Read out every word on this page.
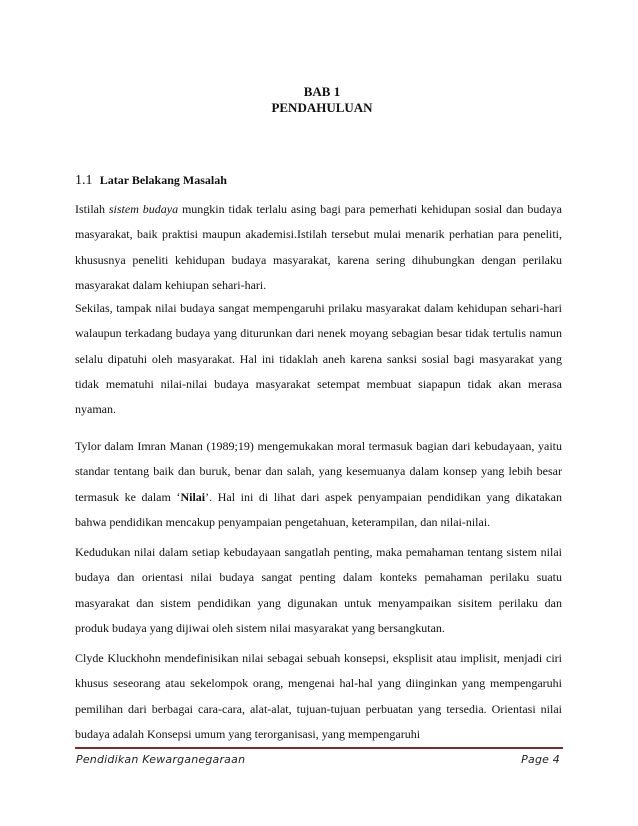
BAB 1
PENDAHULUAN
1.1 Latar Belakang Masalah

Istilah sistem budaya mungkin tidak terlalu asing bagi para pemerhati kehidupan sosial dan budaya masyarakat, baik praktisi maupun akademisi.Istilah tersebut mulai menarik perhatian para peneliti, khususnya peneliti kehidupan budaya masyarakat, karena sering dihubungkan dengan perilaku masyarakat dalam kehiupan sehari-hari.

Sekilas, tampak nilai budaya sangat mempengaruhi prilaku masyarakat dalam kehidupan sehari-hari walaupun terkadang budaya yang diturunkan dari nenek moyang sebagian besar tidak tertulis namun selalu dipatuhi oleh masyarakat. Hal ini tidaklah aneh karena sanksi sosial bagi masyarakat yang tidak mematuhi nilai-nilai budaya masyarakat setempat membuat siapapun tidak akan merasa nyaman.

Tylor dalam Imran Manan (1989;19) mengemukakan moral termasuk bagian dari kebudayaan, yaitu standar tentang baik dan buruk, benar dan salah, yang kesemuanya dalam konsep yang lebih besar termasuk ke dalam ‘Nilai’. Hal ini di lihat dari aspek penyampaian pendidikan yang dikatakan bahwa pendidikan mencakup penyampaian pengetahuan, keterampilan, dan nilai-nilai.

Kedudukan nilai dalam setiap kebudayaan sangatlah penting, maka pemahaman tentang sistem nilai budaya dan orientasi nilai budaya sangat penting dalam konteks pemahaman perilaku suatu masyarakat dan sistem pendidikan yang digunakan untuk menyampaikan sisitem perilaku dan produk budaya yang dijiwai oleh sistem nilai masyarakat yang bersangkutan.

Clyde Kluckhohn mendefinisikan nilai sebagai sebuah konsepsi, eksplisit atau implisit, menjadi ciri khusus seseorang atau sekelompok orang, mengenai hal-hal yang diinginkan yang mempengaruhi pemilihan dari berbagai cara-cara, alat-alat, tujuan-tujuan perbuatan yang tersedia. Orientasi nilai budaya adalah Konsepsi umum yang terorganisasi, yang mempengaruhi

Pendidikan Kewarganegaraan	Page 4
